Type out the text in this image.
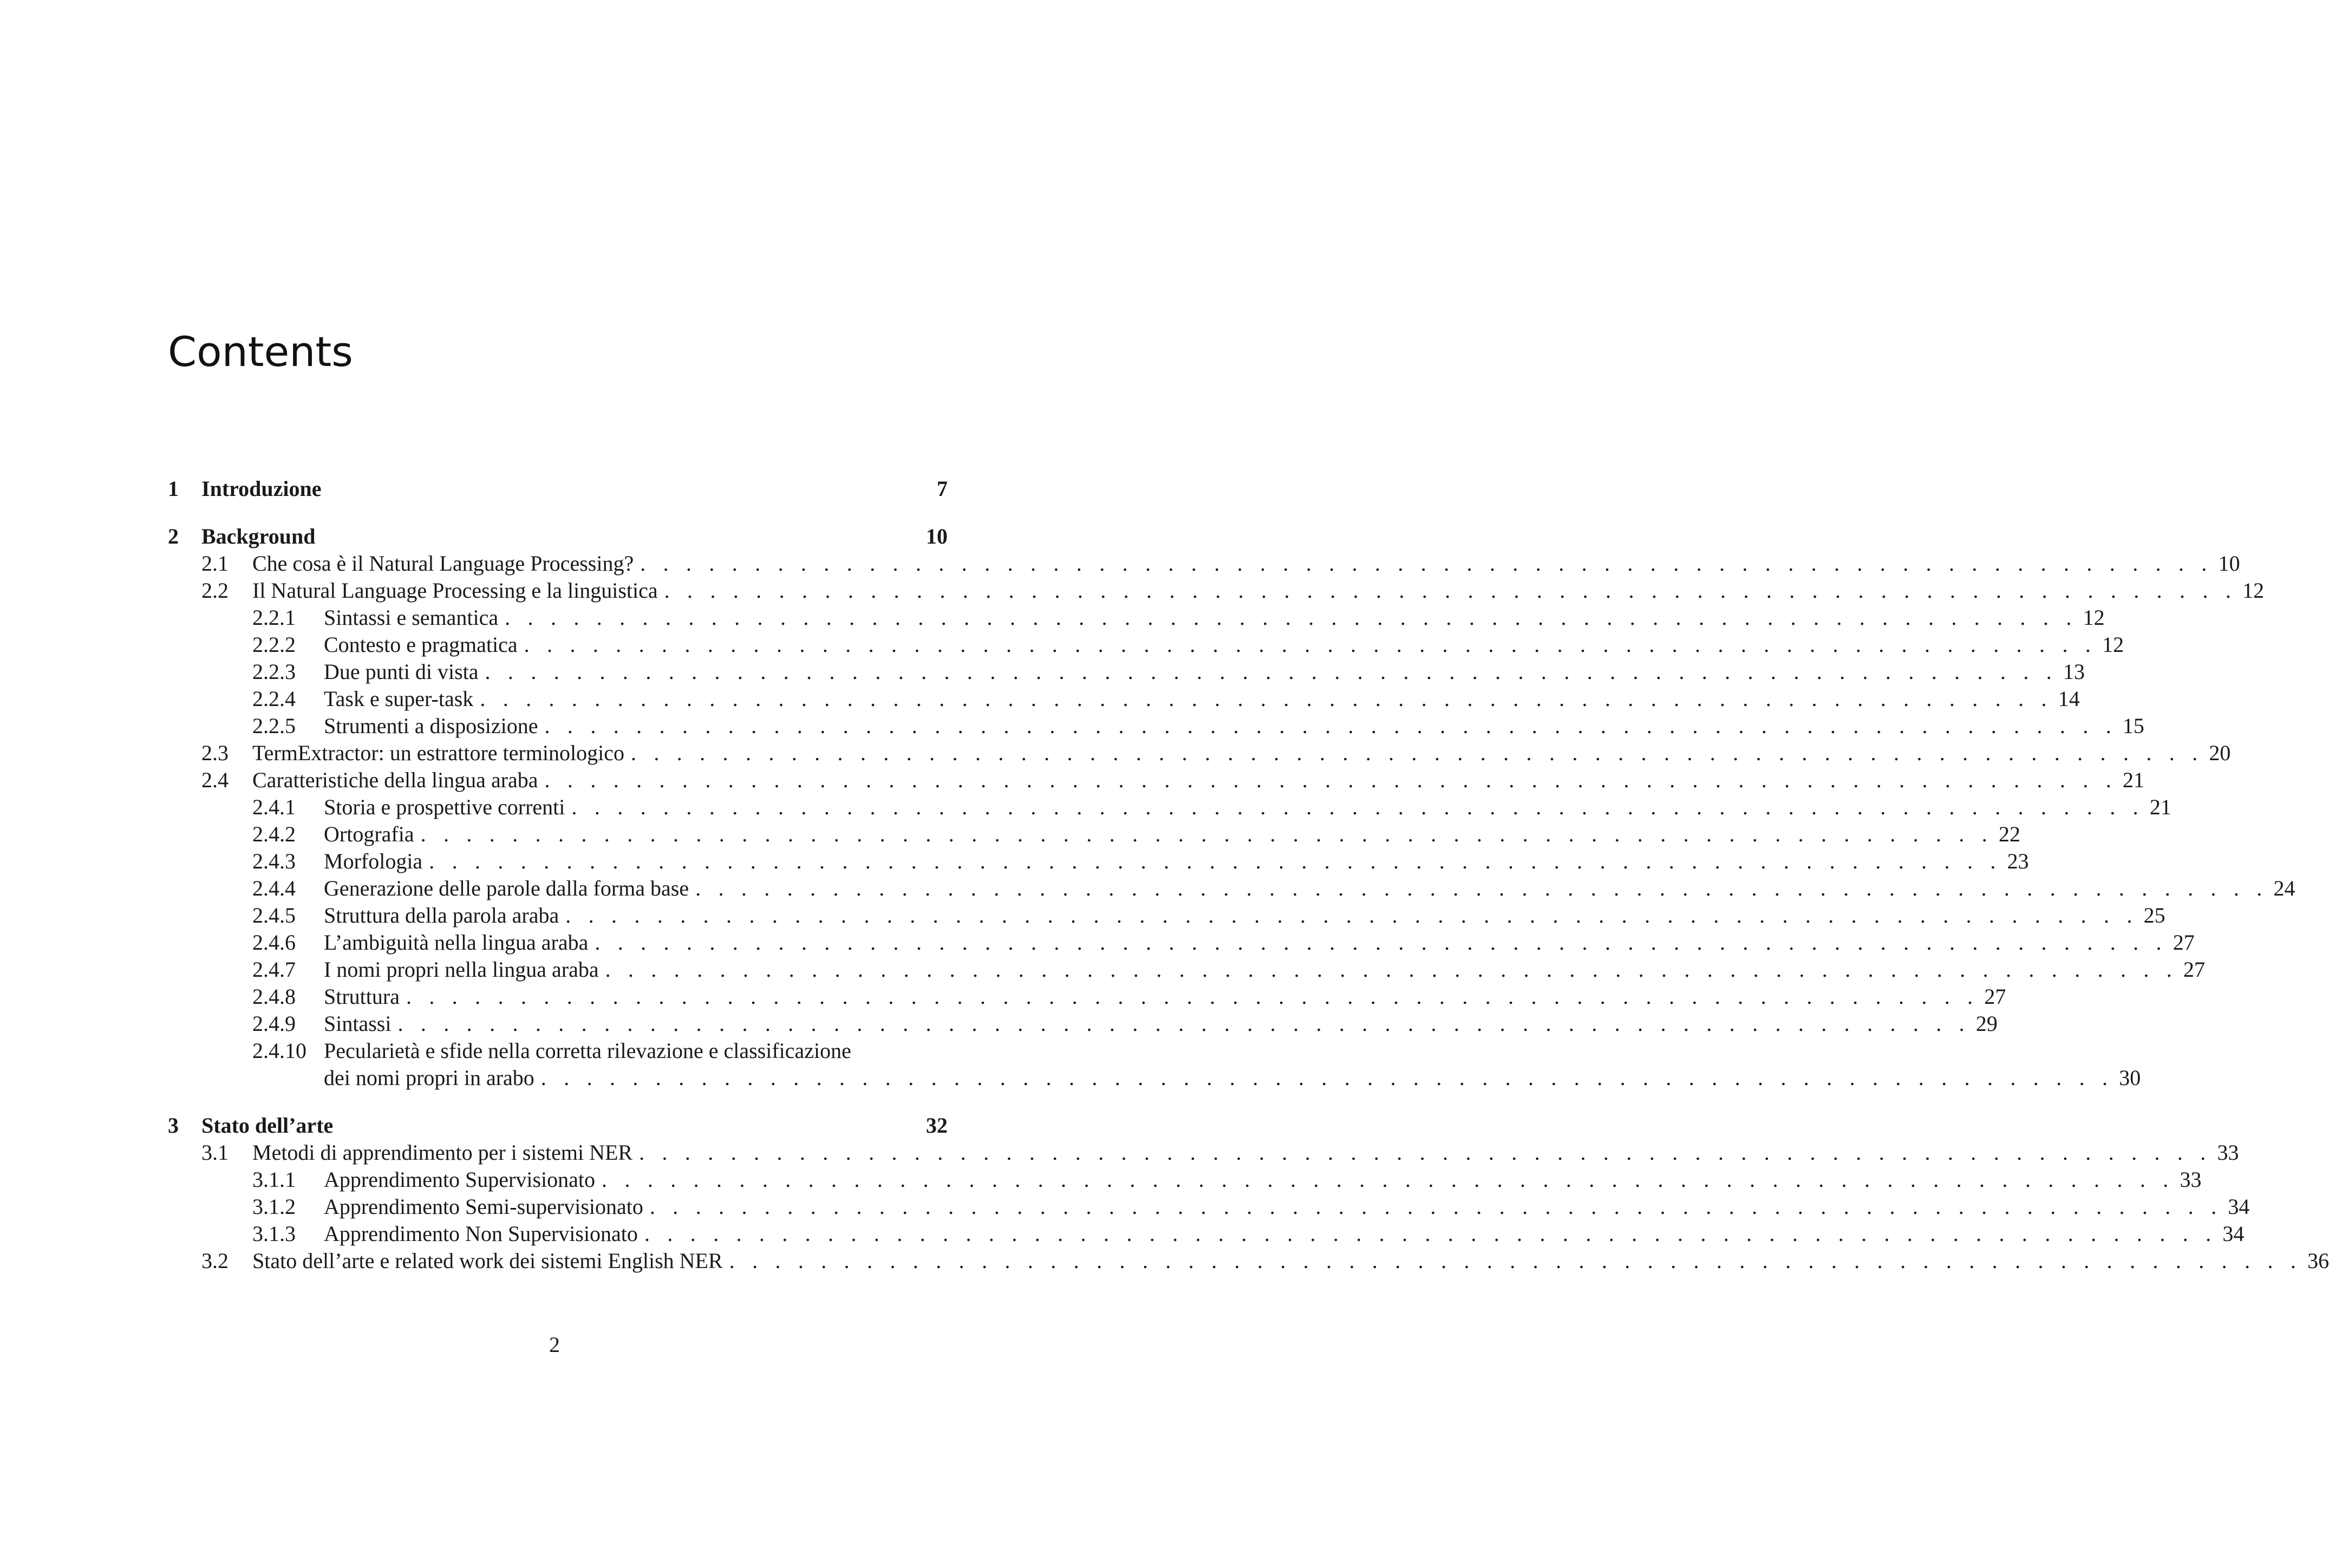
Contents
1	Introduzione	7
2	Background	10
2.1	Che cosa è il Natural Language Processing? . . .	10
2.2	Il Natural Language Processing e la linguistica . . .	12
2.2.1	Sintassi e semantica . . .	12
2.2.2	Contesto e pragmatica . . .	12
2.2.3	Due punti di vista . . .	13
2.2.4	Task e super-task . . .	14
2.2.5	Strumenti a disposizione . . .	15
2.3	TermExtractor: un estrattore terminologico . . .	20
2.4	Caratteristiche della lingua araba . . .	21
2.4.1	Storia e prospettive correnti . . .	21
2.4.2	Ortografia . . .	22
2.4.3	Morfologia . . .	23
2.4.4	Generazione delle parole dalla forma base . . .	24
2.4.5	Struttura della parola araba . . .	25
2.4.6	L’ambiguità nella lingua araba . . .	27
2.4.7	I nomi propri nella lingua araba . . .	27
2.4.8	Struttura . . .	27
2.4.9	Sintassi . . .	29
2.4.10 Pecularietà e sfide nella corretta rilevazione e classificazione
dei nomi propri in arabo . . .	30
3	Stato dell’arte	32
3.1	Metodi di apprendimento per i sistemi NER . . .	33
3.1.1	Apprendimento Supervisionato . . .	33
3.1.2	Apprendimento Semi-supervisionato . . .	34
3.1.3	Apprendimento Non Supervisionato . . .	34
3.2	Stato dell’arte e related work dei sistemi English NER . . .	36
2
